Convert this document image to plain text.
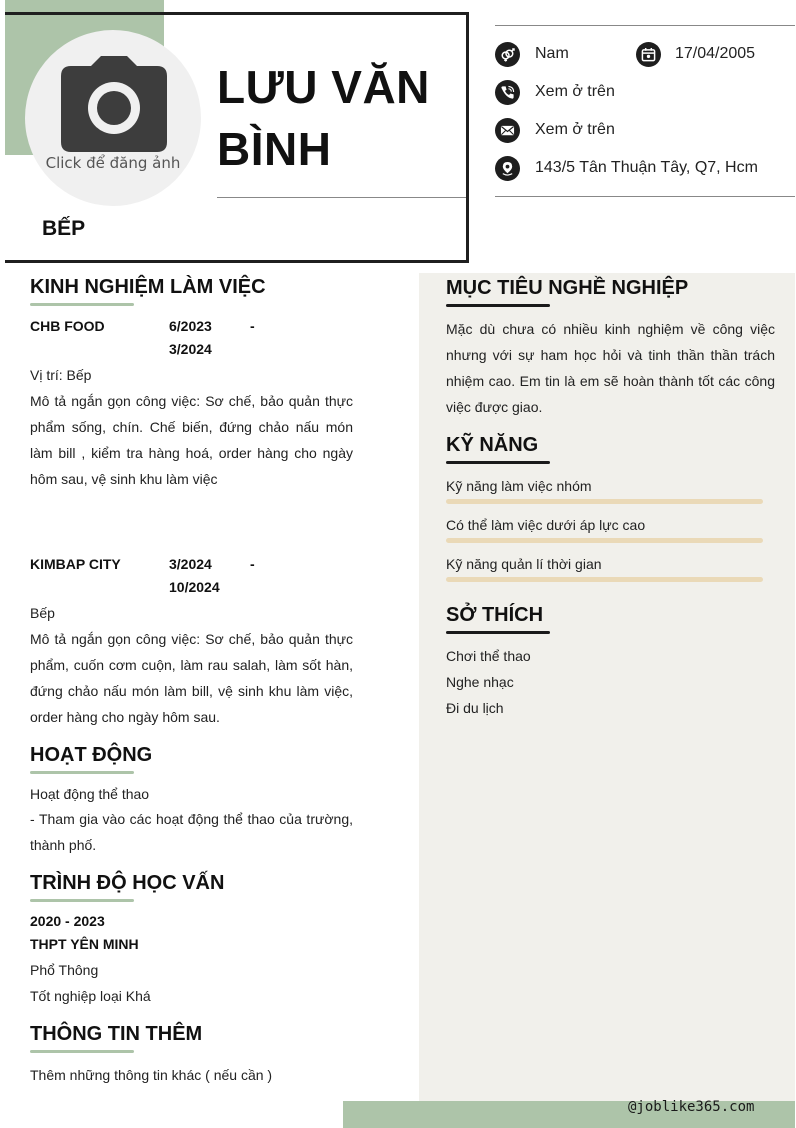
Click để đăng ảnh
LƯU VĂN
BÌNH
BẾP
Nam	17/04/2005
Xem ở trên
Xem ở trên
143/5 Tân Thuận Tây, Q7, Hcm
KINH NGHIỆM LÀM VIỆC
CHB FOOD	6/2023	-
3/2024
Vị trí: Bếp
Mô tả ngắn gọn công việc: Sơ chế, bảo quản thực phẩm sống, chín. Chế biến, đứng chảo nấu món làm bill , kiểm tra hàng hoá, order hàng cho ngày hôm sau, vệ sinh khu làm việc
KIMBAP CITY	3/2024	-
10/2024
Bếp
Mô tả ngắn gọn công việc: Sơ chế, bảo quản thực phẩm, cuốn cơm cuộn, làm rau salah, làm sốt hàn, đứng chảo nấu món làm bill, vệ sinh khu làm việc, order hàng cho ngày hôm sau.
HOẠT ĐỘNG
Hoạt động thể thao
- Tham gia vào các hoạt động thể thao của trường, thành phố.
TRÌNH ĐỘ HỌC VẤN
2020 - 2023
THPT YÊN MINH
Phổ Thông
Tốt nghiệp loại Khá
THÔNG TIN THÊM
Thêm những thông tin khác ( nếu cần )
MỤC TIÊU NGHỀ NGHIỆP
Mặc dù chưa có nhiều kinh nghiệm về công việc nhưng với sự ham học hỏi và tinh thần thần trách nhiệm cao. Em tin là em sẽ hoàn thành tốt các công việc được giao.
KỸ NĂNG
Kỹ năng làm việc nhóm
Có thể làm việc dưới áp lực cao
Kỹ năng quản lí thời gian
SỞ THÍCH
Chơi thể thao
Nghe nhạc
Đi du lịch
@joblike365.com
